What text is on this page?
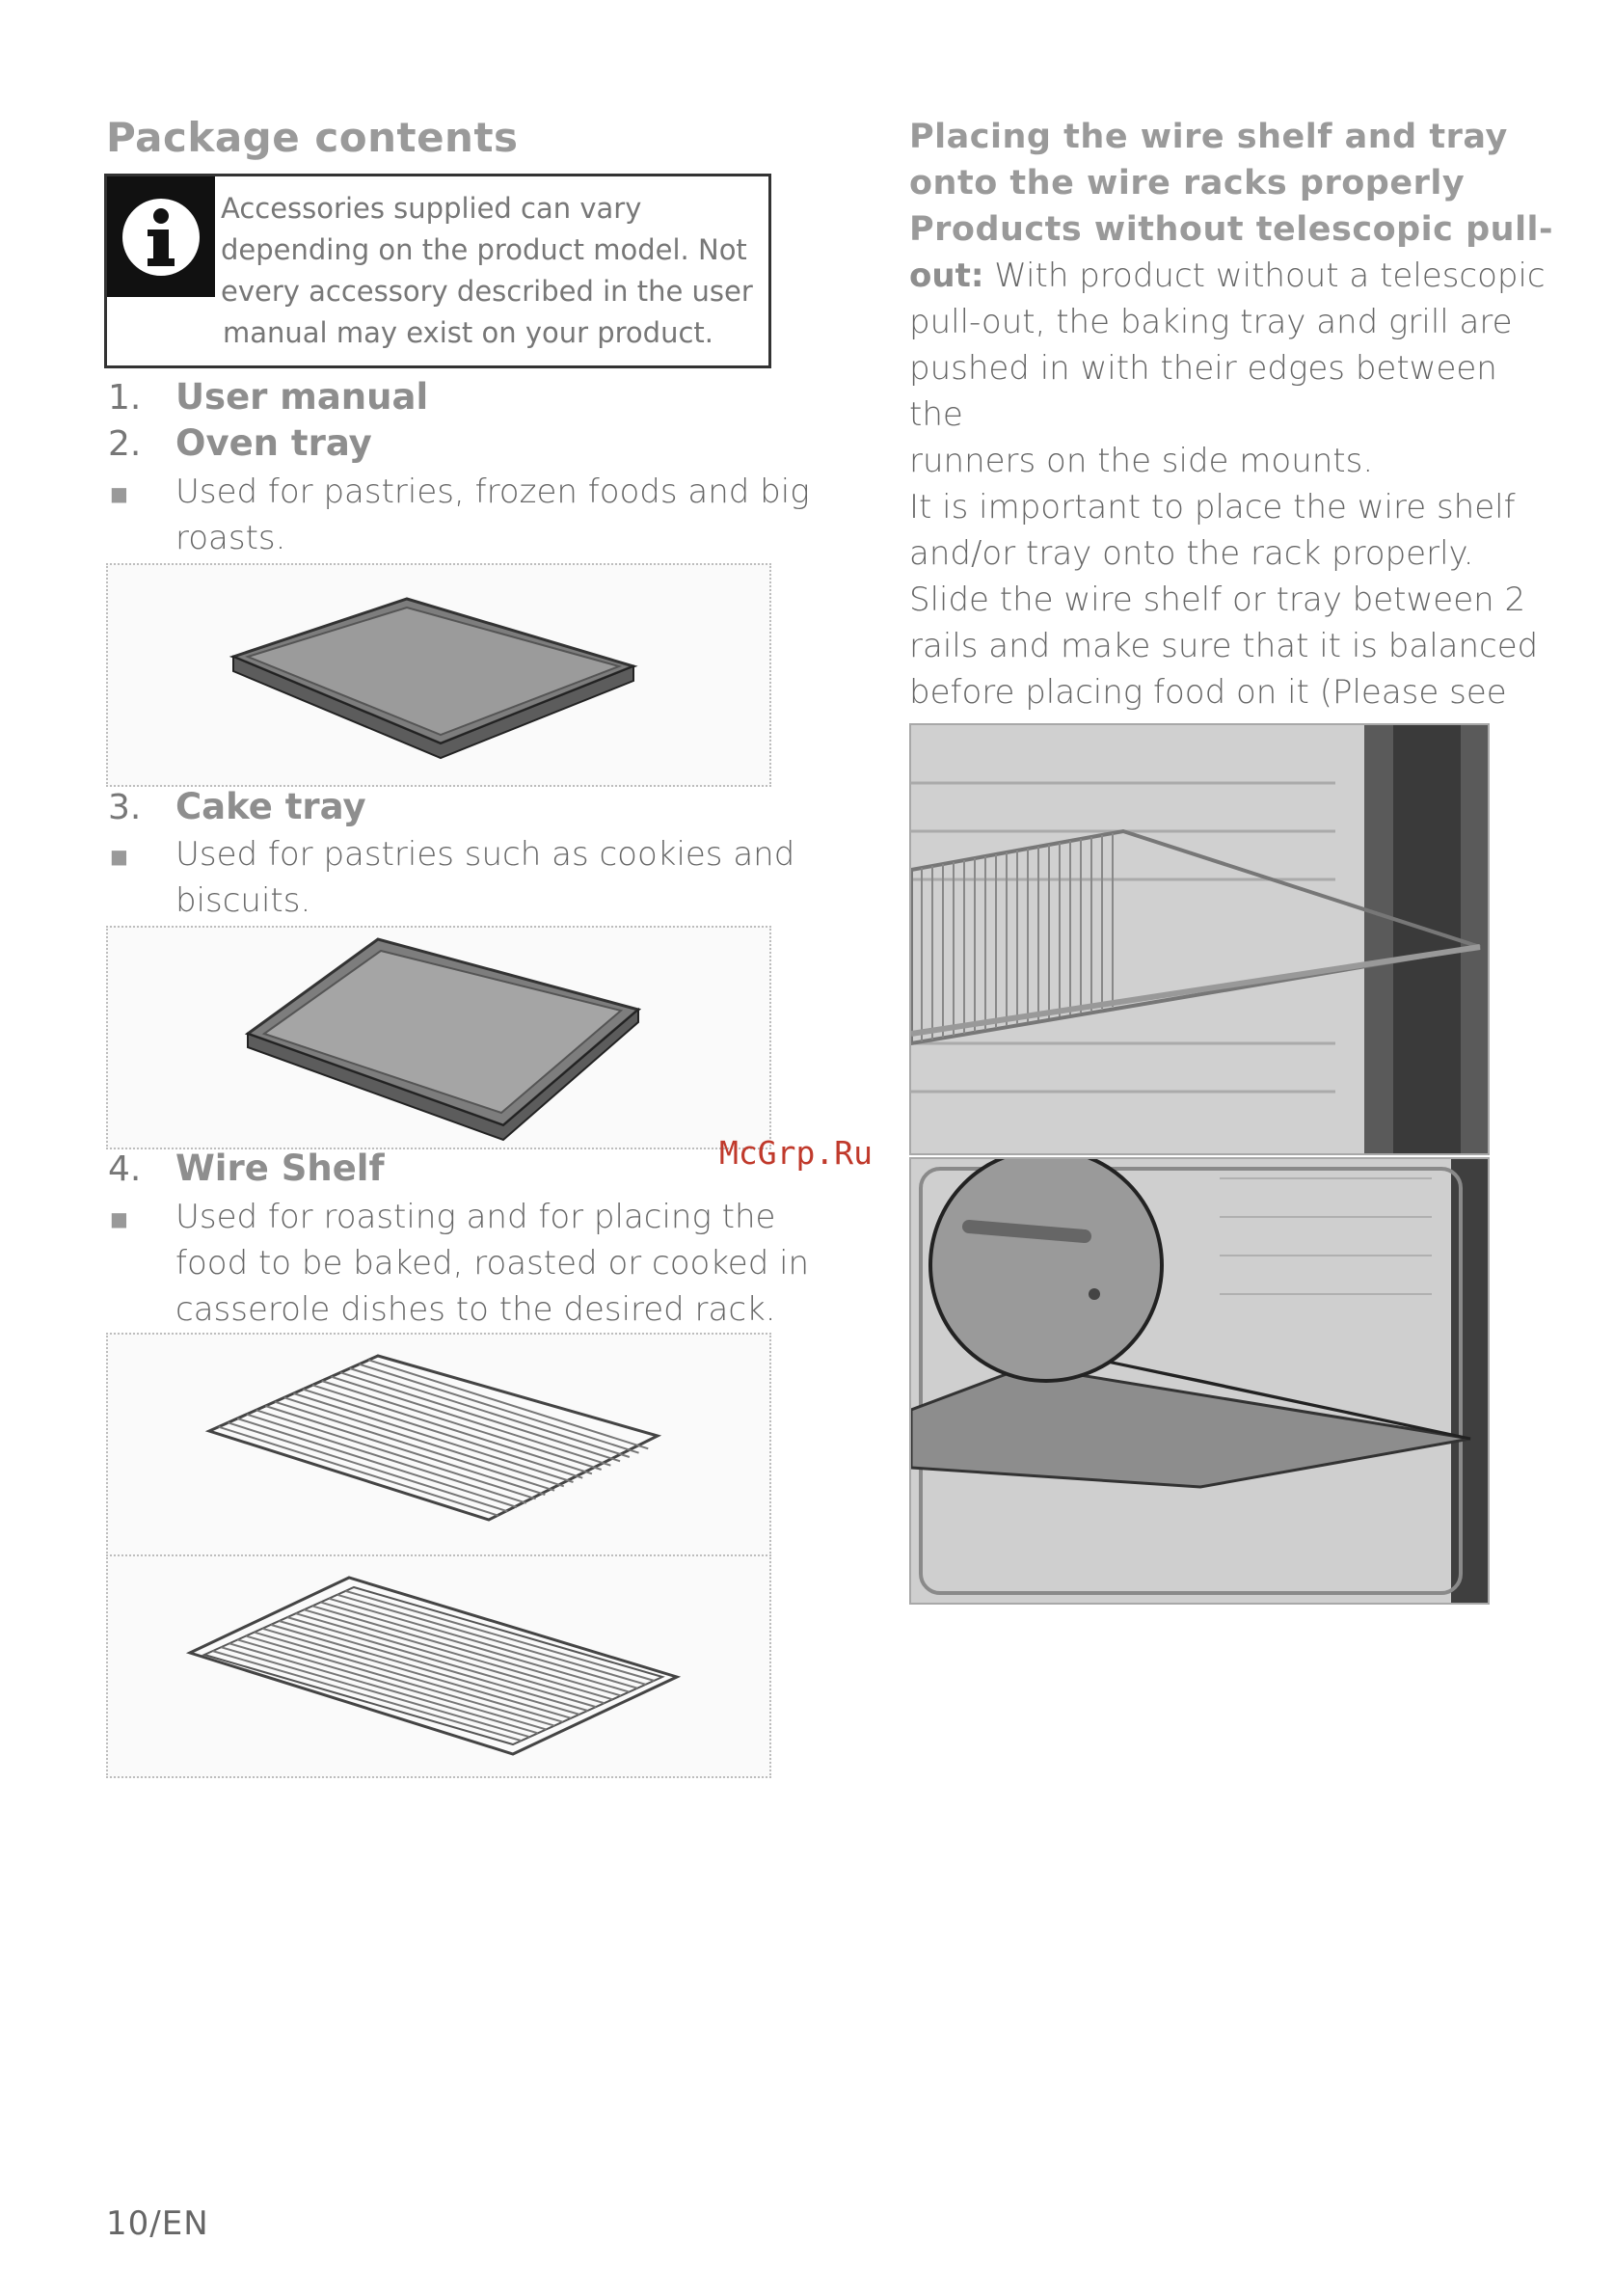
Package contents
Accessories supplied can vary
depending on the product model. Not
every accessory described in the user
manual may exist on your product.
1. User manual
2. Oven tray
■ Used for pastries, frozen foods and big
roasts.
3. Cake tray
■ Used for pastries such as cookies and
biscuits.
4. Wire Shelf
■ Used for roasting and for placing the
food to be baked, roasted or cooked in
casserole dishes to the desired rack.
Placing the wire shelf and tray
onto the wire racks properly
Products without telescopic pull-
out: With product without a telescopic
pull-out, the baking tray and grill are
pushed in with their edges between the
runners on the side mounts.
It is important to place the wire shelf
and/or tray onto the rack properly.
Slide the wire shelf or tray between 2
rails and make sure that it is balanced
before placing food on it (Please see
McGrp.Ru
10/EN
